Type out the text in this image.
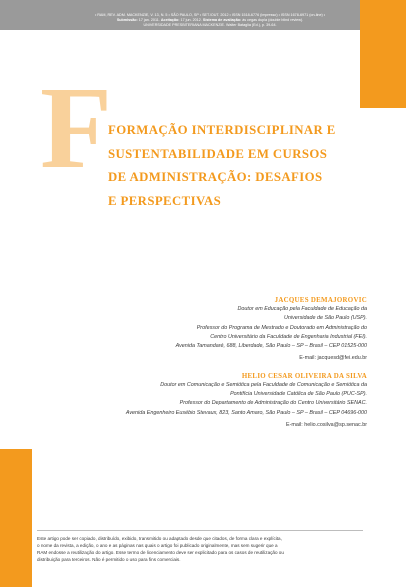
• RAM, REV. ADM. MACKENZIE, V. 13, N. 5 • SÃO PAULO, SP • SET./OUT. 2012 • ISSN 1518-6776 (impresso) • ISSN 1678-6971 (on-line) •
Submissão: 17 jan. 2011. Aceitação: 17 jun. 2012. Sistema de avaliação: às cegas dupla (double blind review).
UNIVERSIDADE PRESBITERIANA MACKENZIE. Walter Bataglia (Ed.), p. 39-64.
F
FORMAÇÃO INTERDISCIPLINAR E
SUSTENTABILIDADE EM CURSOS
DE ADMINISTRAÇÃO: DESAFIOS
E PERSPECTIVAS
JACQUES DEMAJOROVIC
Doutor em Educação pela Faculdade de Educação da
Universidade de São Paulo (USP).
Professor do Programa de Mestrado e Doutorado em Administração do
Centro Universitário da Faculdade de Engenharia Industrial (FEI).
Avenida Tamandaré, 688, Liberdade, São Paulo – SP – Brasil – CEP 01525-000
E-mail: jacquesd@fei.edu.br
HELIO CESAR OLIVEIRA DA SILVA
Doutor em Comunicação e Semiótica pela Faculdade de Comunicação e Semiótica da
Pontifícia Universidade Católica de São Paulo (PUC-SP).
Professor do Departamento de Administração do Centro Universitário SENAC.
Avenida Engenheiro Eusébio Stevaux, 823, Santo Amaro, São Paulo – SP – Brasil – CEP 04696-000
E-mail: helio.cosilva@sp.senac.br
Este artigo pode ser copiado, distribuído, exibido, transmitido ou adaptado desde que citados, de forma clara e explícita,
o nome da revista, a edição, o ano e as páginas nas quais o artigo foi publicado originalmente, mas sem sugerir que a
RAM endosse a reutilização do artigo. Esse termo de licenciamento deve ser explicitado para os casos de reutilização ou
distribuição para terceiros. Não é permitido o uso para fins comerciais.
